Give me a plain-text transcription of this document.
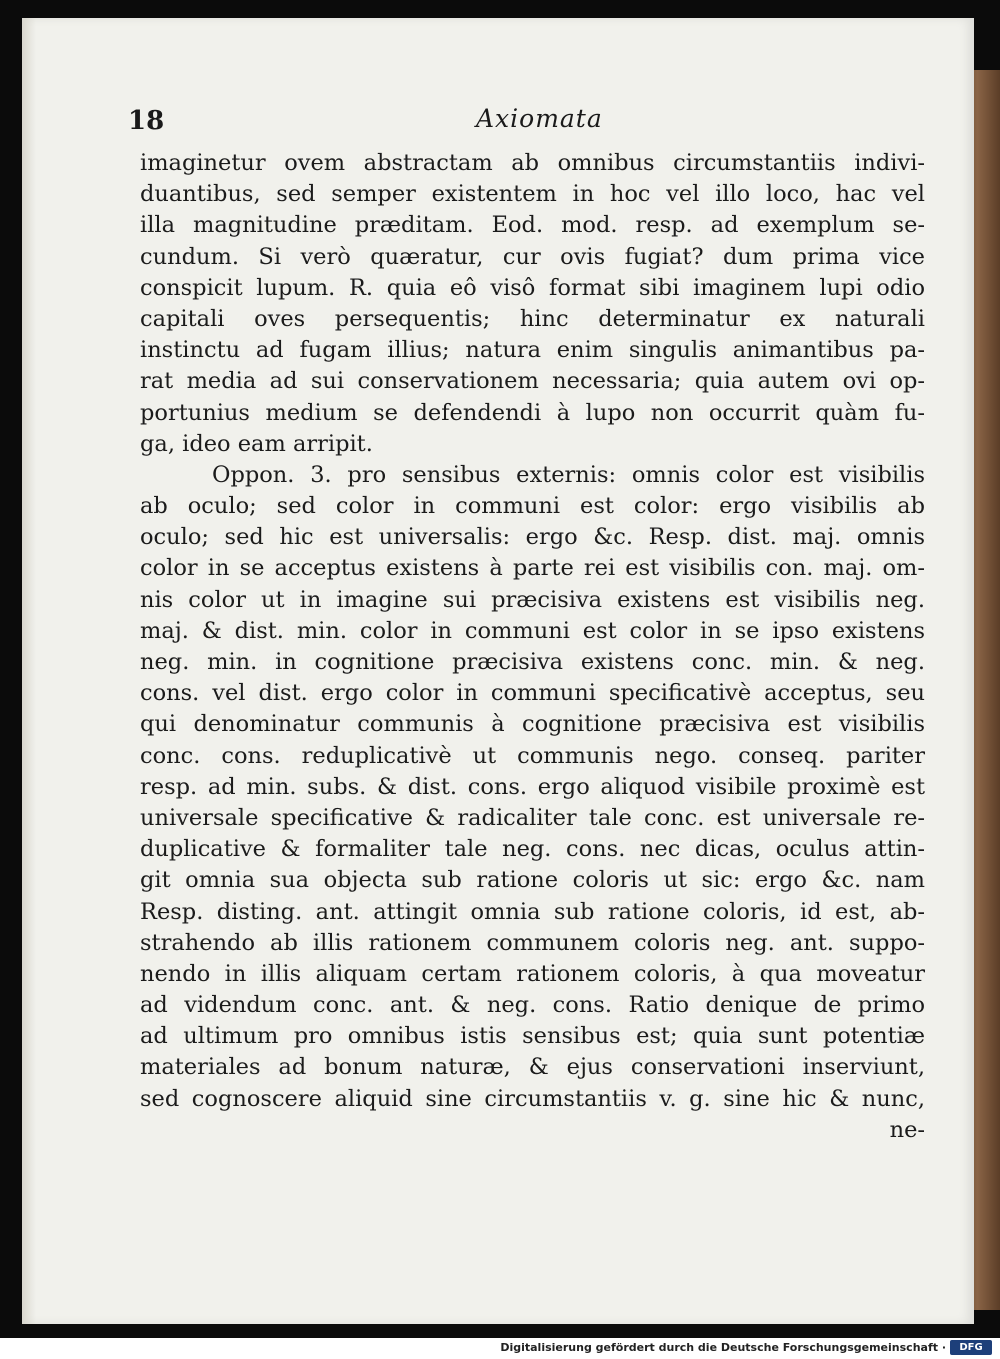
18	Axiomata
imaginetur ovem abstractam ab omnibus circumstantiis indivi-
duantibus, sed semper existentem in hoc vel illo loco, hac vel
illa magnitudine præditam. Eod. mod. resp. ad exemplum se-
cundum. Si verò quæratur, cur ovis fugiat? dum prima vice
conspicit lupum. R. quia eô visô format sibi imaginem lupi odio
capitali oves persequentis; hinc determinatur ex naturali
instinctu ad fugam illius; natura enim singulis animantibus pa-
rat media ad sui conservationem necessaria; quia autem ovi op-
portunius medium se defendendi à lupo non occurrit quàm fu-
ga, ideo eam arripit.
Oppon. 3. pro sensibus externis: omnis color est visibilis
ab oculo; sed color in communi est color: ergo visibilis ab
oculo; sed hic est universalis: ergo &c. Resp. dist. maj. omnis
color in se acceptus existens à parte rei est visibilis con. maj. om-
nis color ut in imagine sui præcisiva existens est visibilis neg.
maj. & dist. min. color in communi est color in se ipso existens
neg. min. in cognitione præcisiva existens conc. min. & neg.
cons. vel dist. ergo color in communi specificativè acceptus, seu
qui denominatur communis à cognitione præcisiva est visibilis
conc. cons. reduplicativè ut communis nego. conseq. pariter
resp. ad min. subs. & dist. cons. ergo aliquod visibile proximè est
universale specificative & radicaliter tale conc. est universale re-
duplicative & formaliter tale neg. cons. nec dicas, oculus attin-
git omnia sua objecta sub ratione coloris ut sic: ergo &c. nam
Resp. disting. ant. attingit omnia sub ratione coloris, id est, ab-
strahendo ab illis rationem communem coloris neg. ant. suppo-
nendo in illis aliquam certam rationem coloris, à qua moveatur
ad videndum conc. ant. & neg. cons. Ratio denique de primo
ad ultimum pro omnibus istis sensibus est; quia sunt potentiæ
materiales ad bonum naturæ, & ejus conservationi inserviunt,
sed cognoscere aliquid sine circumstantiis v. g. sine hic & nunc,
ne-
Digitalisierung gefördert durch die Deutsche Forschungsgemeinschaft ·	DFG
